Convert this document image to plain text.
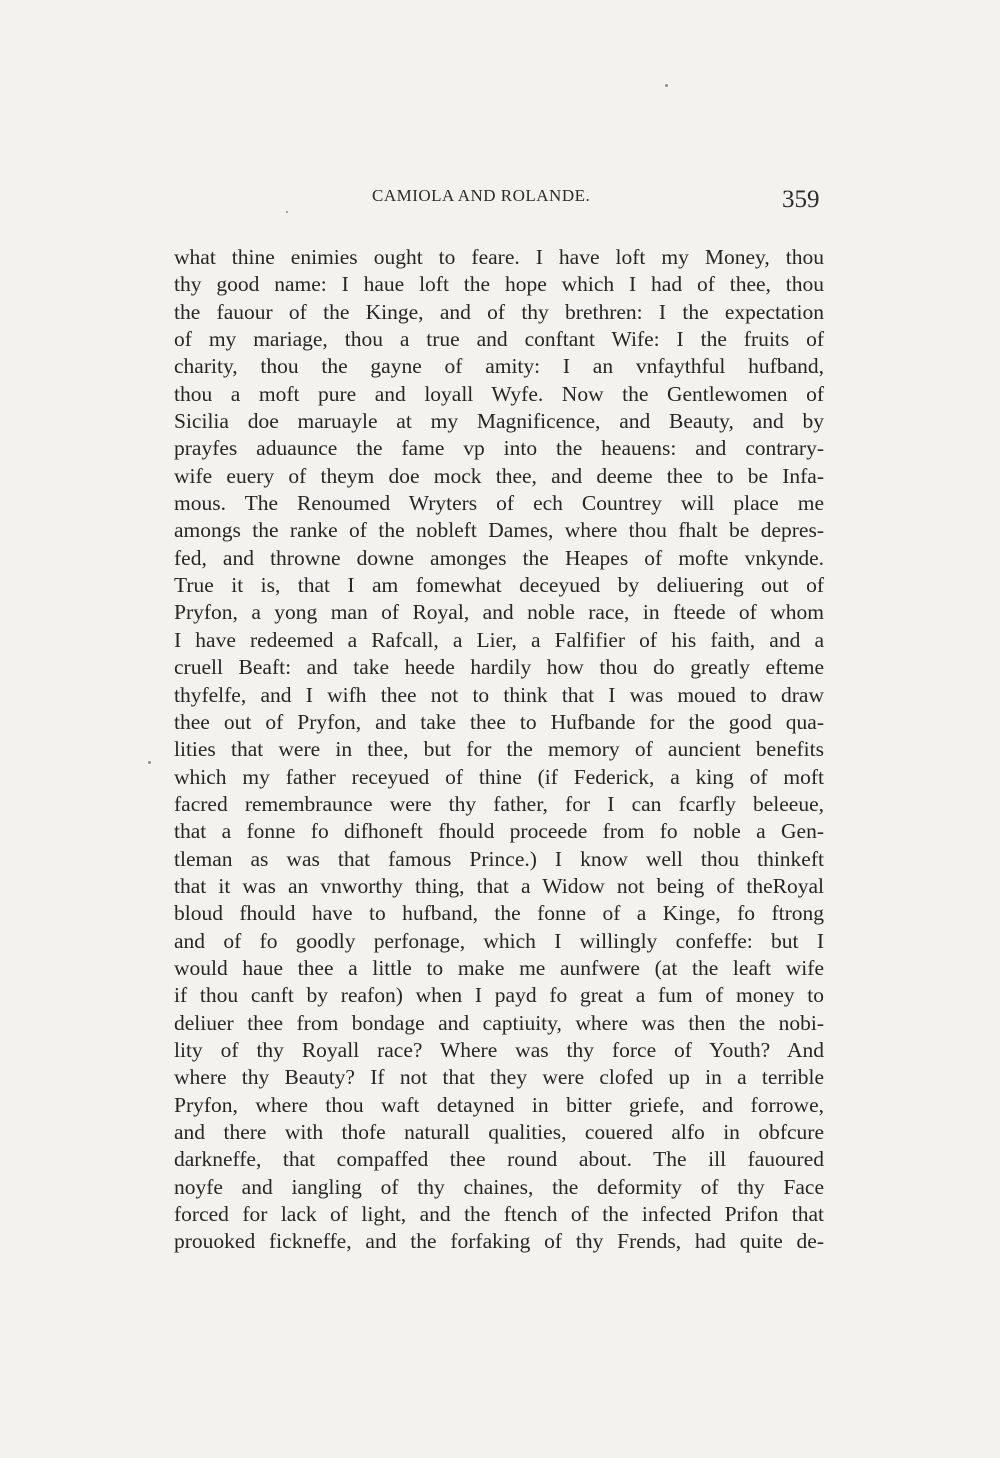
CAMIOLA AND ROLANDE.	359
what thine enimies ought to feare. I have loft my Money, thou
thy good name: I haue loft the hope which I had of thee, thou
the fauour of the Kinge, and of thy brethren: I the expectation
of my mariage, thou a true and conftant Wife: I the fruits of
charity, thou the gayne of amity: I an vnfaythful hufband,
thou a moft pure and loyall Wyfe. Now the Gentlewomen of
Sicilia doe maruayle at my Magnificence, and Beauty, and by
prayfes aduaunce the fame vp into the heauens: and contrary-
wife euery of theym doe mock thee, and deeme thee to be Infa-
mous. The Renoumed Wryters of ech Countrey will place me
amongs the ranke of the nobleft Dames, where thou fhalt be depres-
fed, and throwne downe amonges the Heapes of mofte vnkynde.
True it is, that I am fomewhat deceyued by deliuering out of
Pryfon, a yong man of Royal, and noble race, in fteede of whom
I have redeemed a Rafcall, a Lier, a Falfifier of his faith, and a
cruell Beaft: and take heede hardily how thou do greatly efteme
thyfelfe, and I wifh thee not to think that I was moued to draw
thee out of Pryfon, and take thee to Hufbande for the good qua-
lities that were in thee, but for the memory of auncient benefits
which my father receyued of thine (if Federick, a king of moft
facred remembraunce were thy father, for I can fcarfly beleeue,
that a fonne fo difhoneft fhould proceede from fo noble a Gen-
tleman as was that famous Prince.) I know well thou thinkeft
that it was an vnworthy thing, that a Widow not being of theRoyal
bloud fhould have to hufband, the fonne of a Kinge, fo ftrong
and of fo goodly perfonage, which I willingly confeffe: but I
would haue thee a little to make me aunfwere (at the leaft wife
if thou canft by reafon) when I payd fo great a fum of money to
deliuer thee from bondage and captiuity, where was then the nobi-
lity of thy Royall race? Where was thy force of Youth? And
where thy Beauty? If not that they were clofed up in a terrible
Pryfon, where thou waft detayned in bitter griefe, and forrowe,
and there with thofe naturall qualities, couered alfo in obfcure
darkneffe, that compaffed thee round about. The ill fauoured
noyfe and iangling of thy chaines, the deformity of thy Face
forced for lack of light, and the ftench of the infected Prifon that
prouoked fickneffe, and the forfaking of thy Frends, had quite de-
